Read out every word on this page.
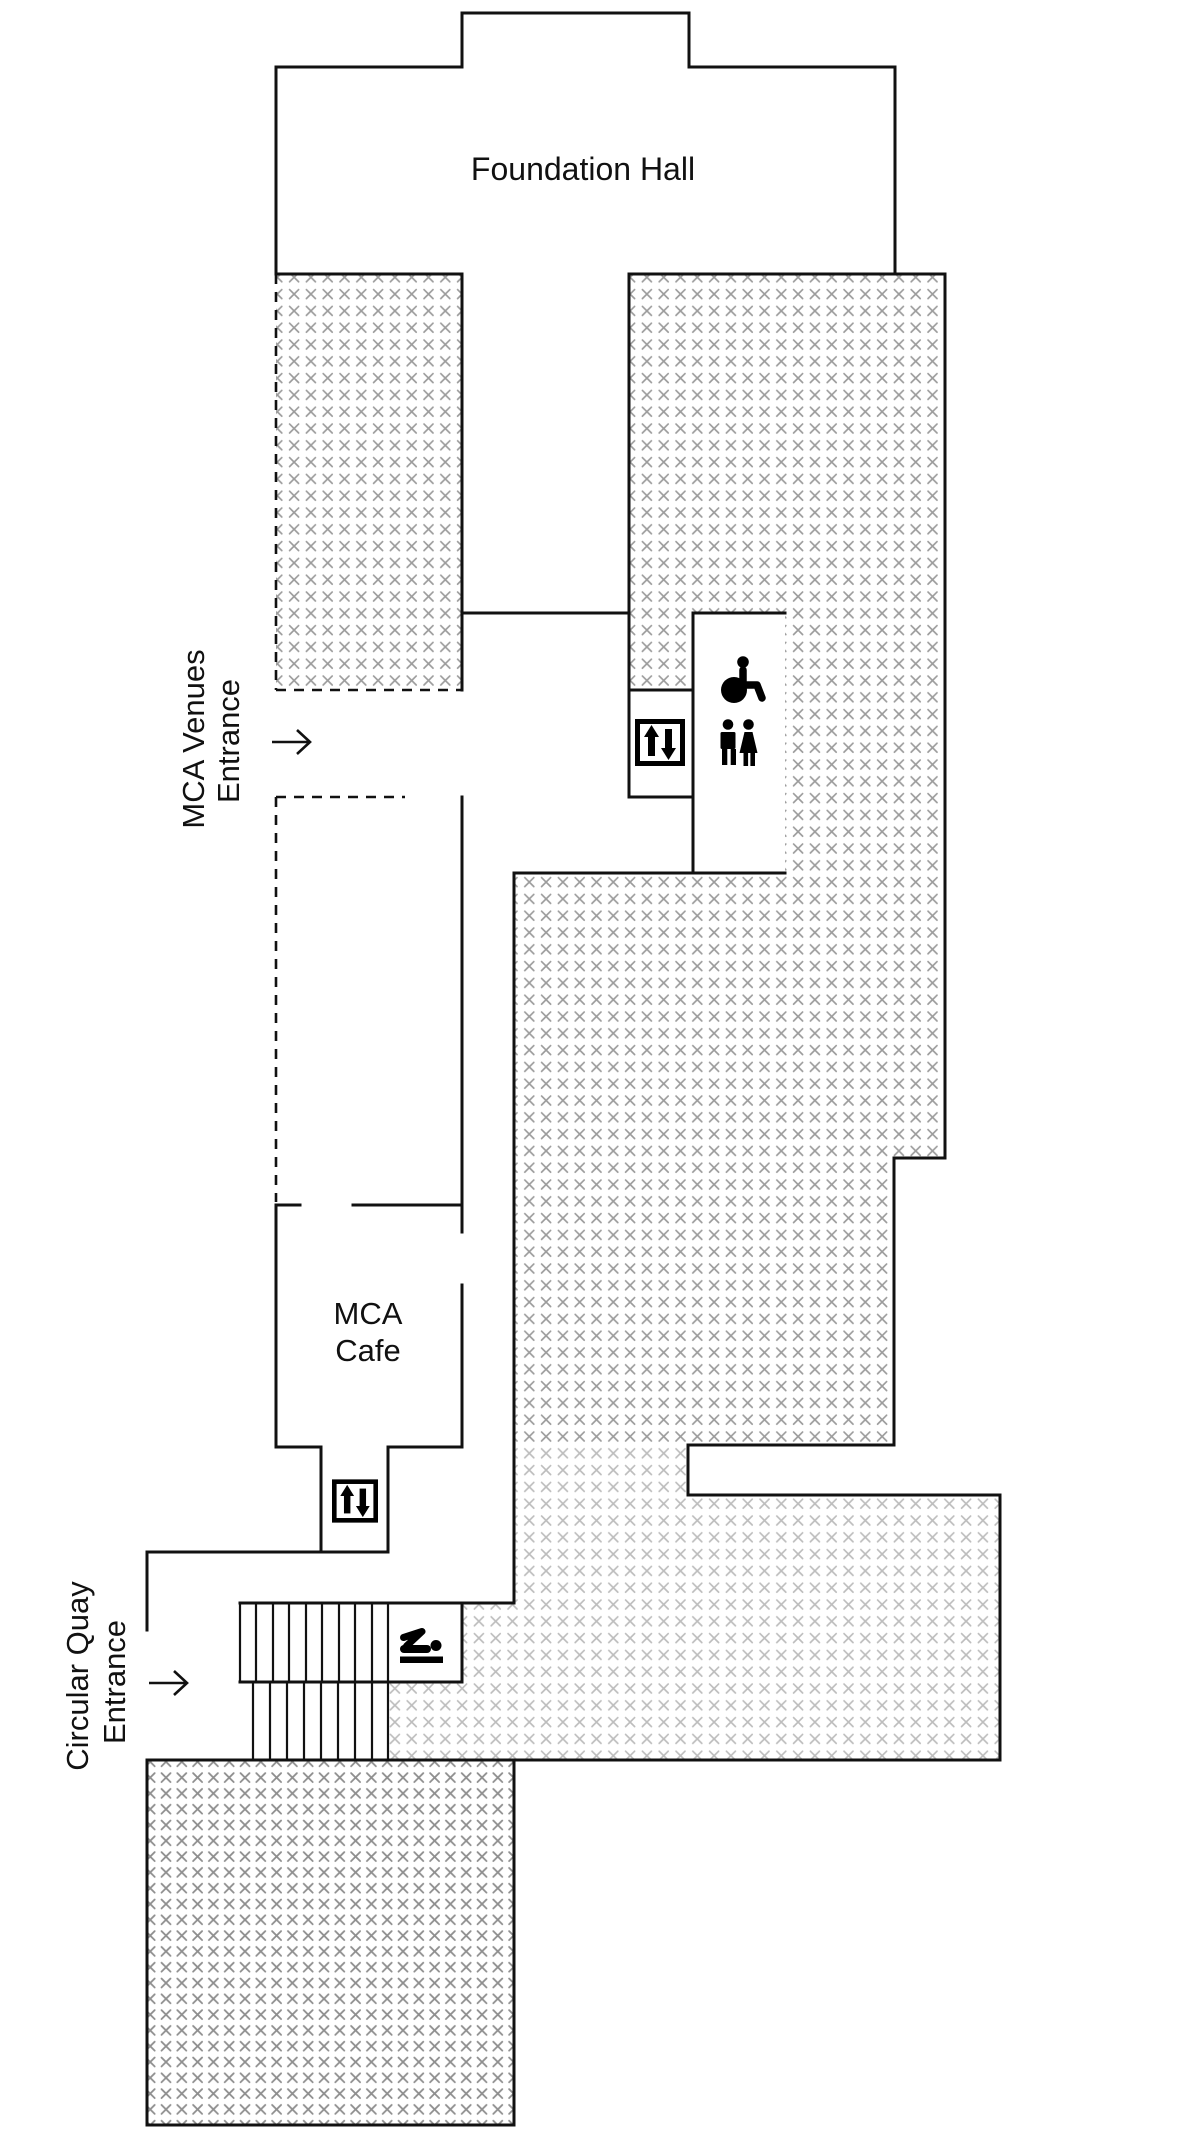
Foundation Hall
MCA
Cafe
MCA Venues Entrance
Circular Quay Entrance
